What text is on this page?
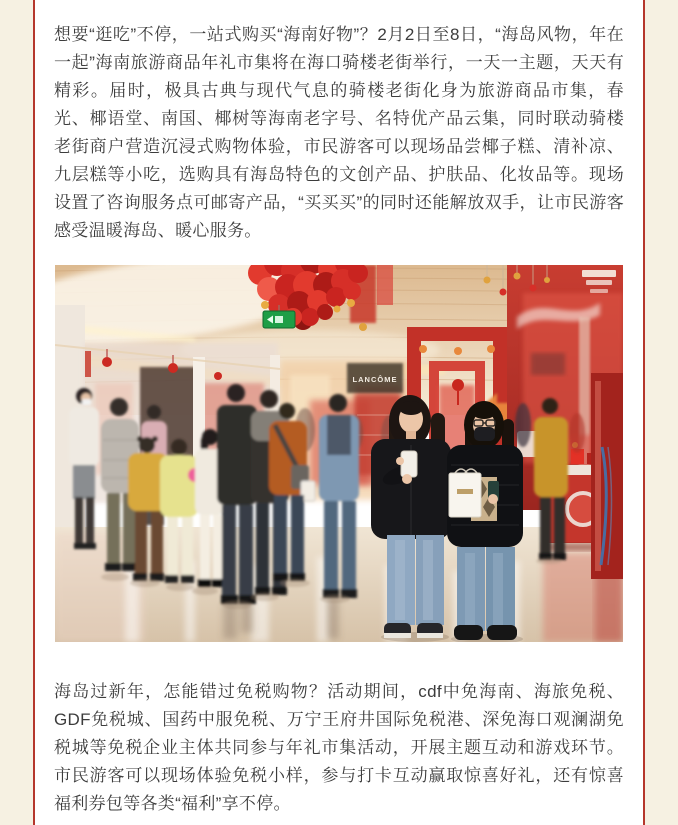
想要“逛吃”不停，一站式购买“海南好物”？2月2日至8日，“海岛风物，年在一起”海南旅游商品年礼市集将在海口骑楼老街举行，一天一主题，天天有精彩。届时，极具古典与现代气息的骑楼老街化身为旅游商品市集，春光、椰语堂、南国、椰树等海南老字号、名特优产品云集，同时联动骑楼老街商户营造沉浸式购物体验，市民游客可以现场品尝椰子糕、清补凉、九层糕等小吃，选购具有海岛特色的文创产品、护肤品、化妆品等。现场设置了咨询服务点可邮寄产品，“买买买”的同时还能解放双手，让市民游客感受温暖海岛、暖心服务。

LANCÔME

海岛过新年，怎能错过免税购物？活动期间，cdf中免海南、海旅免税、GDF免税城、国药中服免税、万宁王府井国际免税港、深免海口观澜湖免税城等免税企业主体共同参与年礼市集活动，开展主题互动和游戏环节。市民游客可以现场体验免税小样，参与打卡互动赢取惊喜好礼，还有惊喜福利券包等各类“福利”享不停。
